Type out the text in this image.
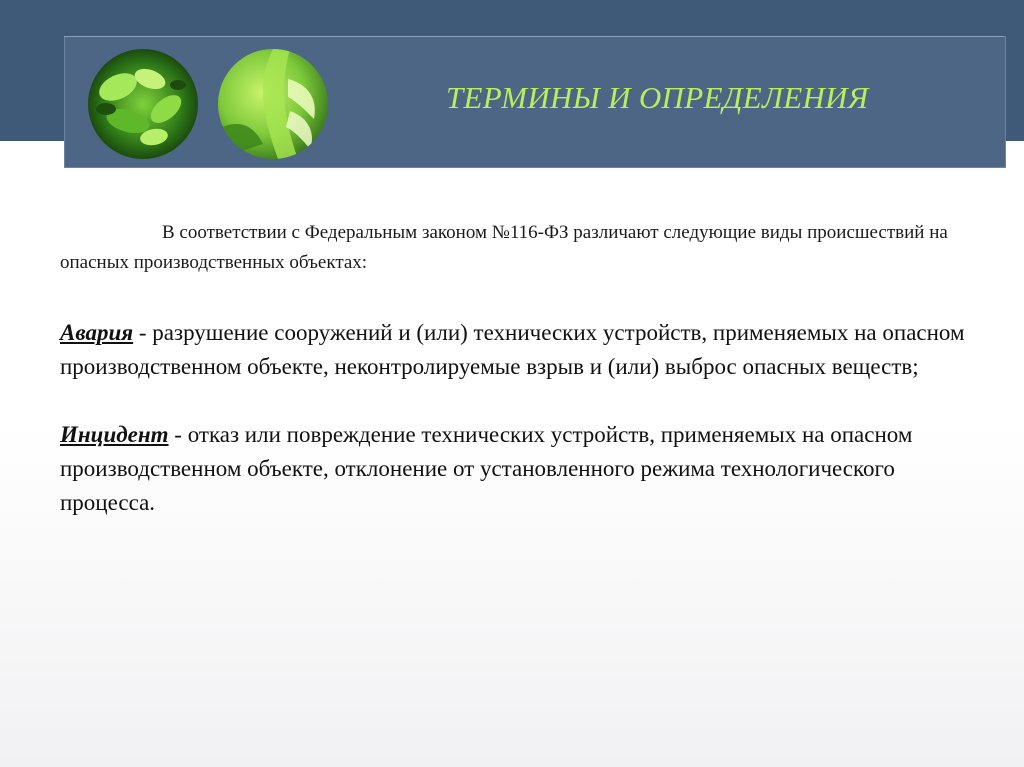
ТЕРМИНЫ И ОПРЕДЕЛЕНИЯ

В соответствии с Федеральным законом №116-ФЗ различают следующие виды происшествий на опасных производственных объектах:

Авария - разрушение сооружений и (или) технических устройств, применяемых на опасном производственном объекте, неконтролируемые взрыв и (или) выброс опасных веществ;

Инцидент - отказ или повреждение технических устройств, применяемых на опасном производственном объекте, отклонение от установленного режима технологического процесса.
